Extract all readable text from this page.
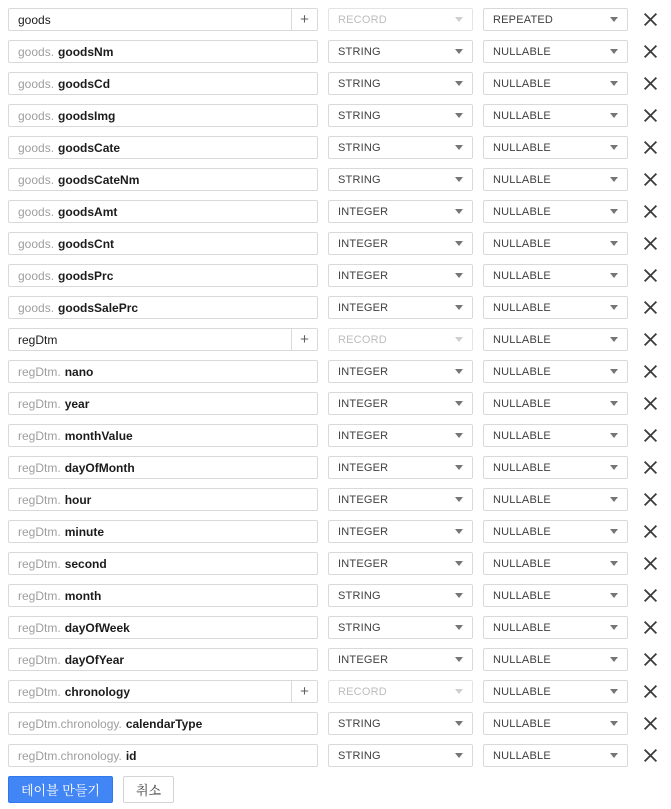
goods	+	RECORD	REPEATED
goods. goodsNm	STRING	NULLABLE
goods. goodsCd	STRING	NULLABLE
goods. goodsImg	STRING	NULLABLE
goods. goodsCate	STRING	NULLABLE
goods. goodsCateNm	STRING	NULLABLE
goods. goodsAmt	INTEGER	NULLABLE
goods. goodsCnt	INTEGER	NULLABLE
goods. goodsPrc	INTEGER	NULLABLE
goods. goodsSalePrc	INTEGER	NULLABLE
regDtm	+	RECORD	NULLABLE
regDtm. nano	INTEGER	NULLABLE
regDtm. year	INTEGER	NULLABLE
regDtm. monthValue	INTEGER	NULLABLE
regDtm. dayOfMonth	INTEGER	NULLABLE
regDtm. hour	INTEGER	NULLABLE
regDtm. minute	INTEGER	NULLABLE
regDtm. second	INTEGER	NULLABLE
regDtm. month	STRING	NULLABLE
regDtm. dayOfWeek	STRING	NULLABLE
regDtm. dayOfYear	INTEGER	NULLABLE
regDtm. chronology	+	RECORD	NULLABLE
regDtm.chronology. calendarType	STRING	NULLABLE
regDtm.chronology. id	STRING	NULLABLE
테이블 만들기	취소
